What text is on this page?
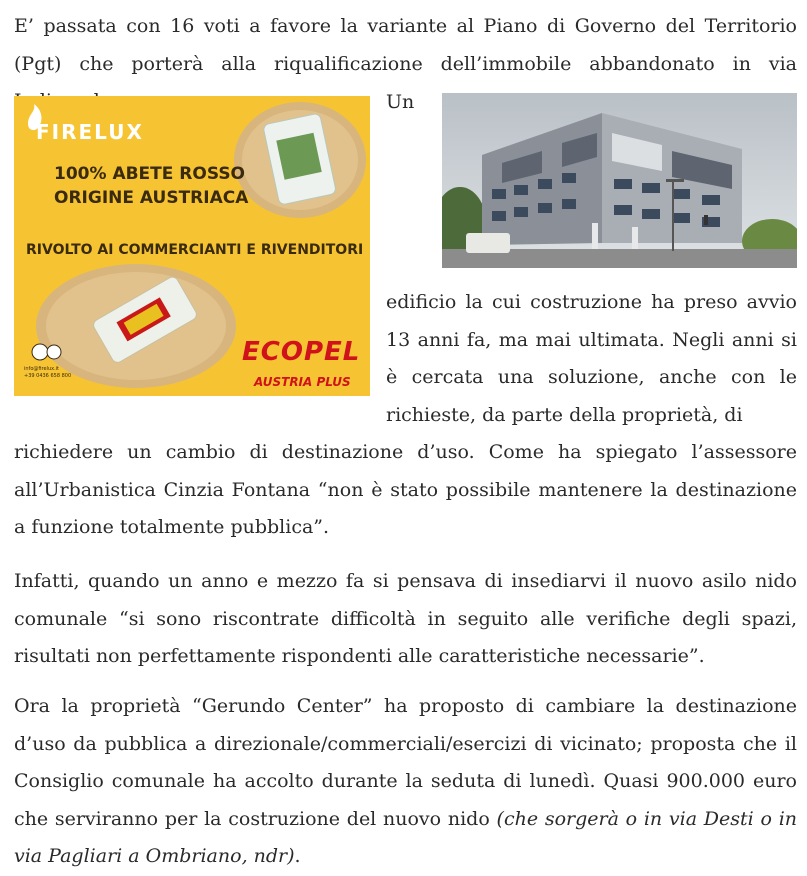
E’ passata con 16 voti a favore la variante al Piano di Governo del Territorio (Pgt) che porterà alla riqualificazione dell’immobile abbandonato in via

FIRELUX
100% ABETE ROSSO
ORIGINE AUSTRIACA
RIVOLTO AI COMMERCIANTI E RIVENDITORI
ECOPEL
AUSTRIA PLUS
info@firelux.it
+39 0436 658 800
Un

edificio la cui costruzione ha preso avvio 13 anni fa, ma mai ultimata. Negli anni si è cercata una soluzione, anche con le richieste, da parte della proprietà, di

richiedere un cambio di destinazione d’uso. Come ha spiegato l’assessore all’Urbanistica Cinzia Fontana “non è stato possibile mantenere la destinazione a funzione totalmente pubblica”.

Infatti, quando un anno e mezzo fa si pensava di insediarvi il nuovo asilo nido comunale “si sono riscontrate difficoltà in seguito alle verifiche degli spazi, risultati non perfettamente rispondenti alle caratteristiche necessarie”.

Ora la proprietà “Gerundo Center” ha proposto di cambiare la destinazione d’uso da pubblica a direzionale/commerciali/esercizi di vicinato; proposta che il Consiglio comunale ha accolto durante la seduta di lunedì. Quasi 900.000 euro che serviranno per la costruzione del nuovo nido (che sorgerà o in via Desti o in via Pagliari a Ombriano, ndr).
